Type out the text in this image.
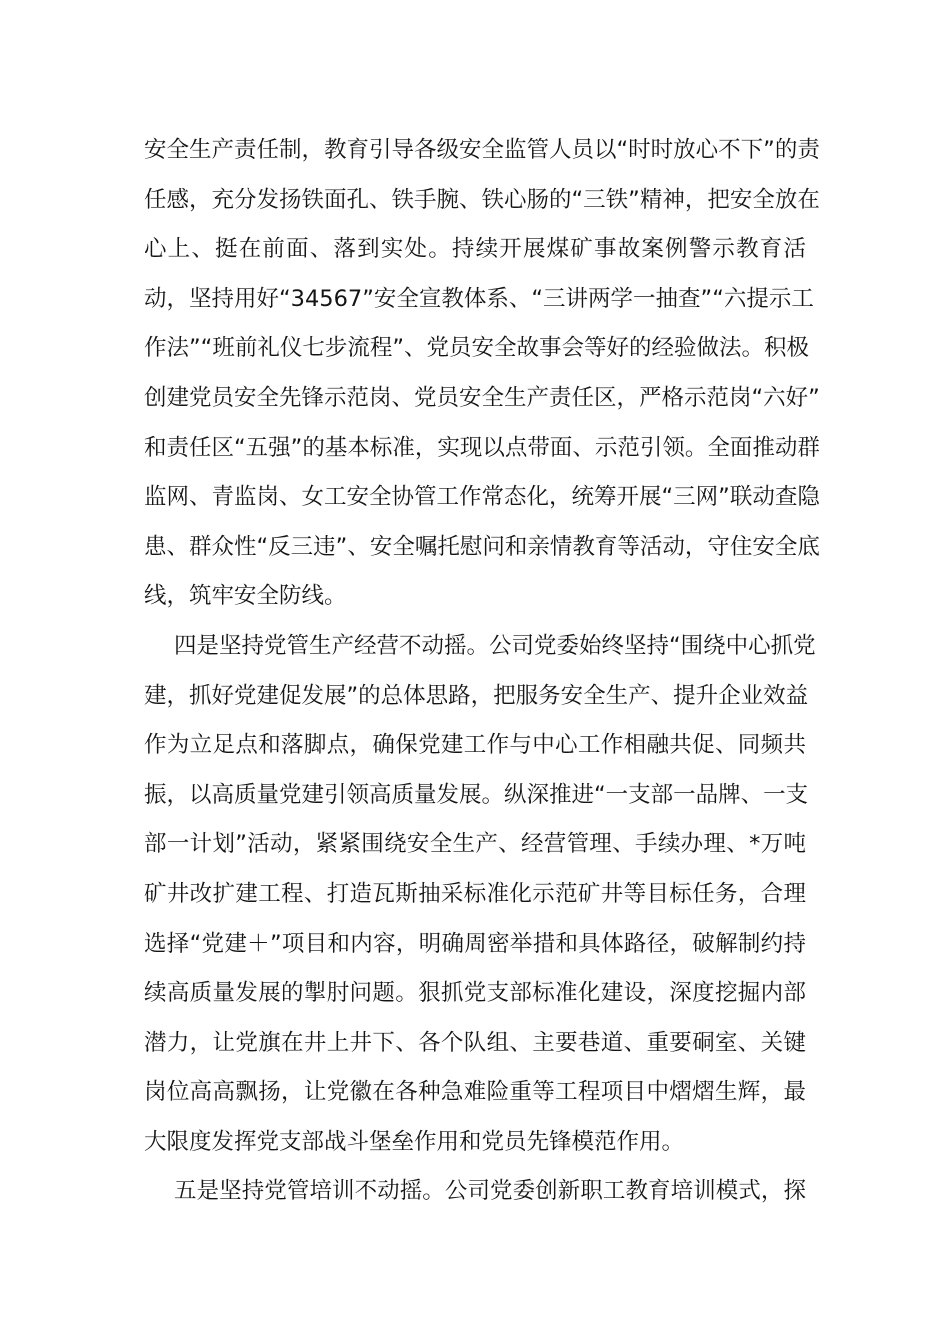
安全生产责任制，教育引导各级安全监管人员以“时时放心不下”的责
任感，充分发扬铁面孔、铁手腕、铁心肠的“三铁”精神，把安全放在
心上、挺在前面、落到实处。持续开展煤矿事故案例警示教育活
动，坚持用好“34567”安全宣教体系、“三讲两学一抽查”“六提示工
作法”“班前礼仪七步流程”、党员安全故事会等好的经验做法。积极
创建党员安全先锋示范岗、党员安全生产责任区，严格示范岗“六好”
和责任区“五强”的基本标准，实现以点带面、示范引领。全面推动群
监网、青监岗、女工安全协管工作常态化，统筹开展“三网”联动查隐
患、群众性“反三违”、安全嘱托慰问和亲情教育等活动，守住安全底
线，筑牢安全防线。
四是坚持党管生产经营不动摇。公司党委始终坚持“围绕中心抓党
建，抓好党建促发展”的总体思路，把服务安全生产、提升企业效益
作为立足点和落脚点，确保党建工作与中心工作相融共促、同频共
振，以高质量党建引领高质量发展。纵深推进“一支部一品牌、一支
部一计划”活动，紧紧围绕安全生产、经营管理、手续办理、*万吨
矿井改扩建工程、打造瓦斯抽采标准化示范矿井等目标任务，合理
选择“党建＋”项目和内容，明确周密举措和具体路径，破解制约持
续高质量发展的掣肘问题。狠抓党支部标准化建设，深度挖掘内部
潜力，让党旗在井上井下、各个队组、主要巷道、重要硐室、关键
岗位高高飘扬，让党徽在各种急难险重等工程项目中熠熠生辉，最
大限度发挥党支部战斗堡垒作用和党员先锋模范作用。
五是坚持党管培训不动摇。公司党委创新职工教育培训模式，探
